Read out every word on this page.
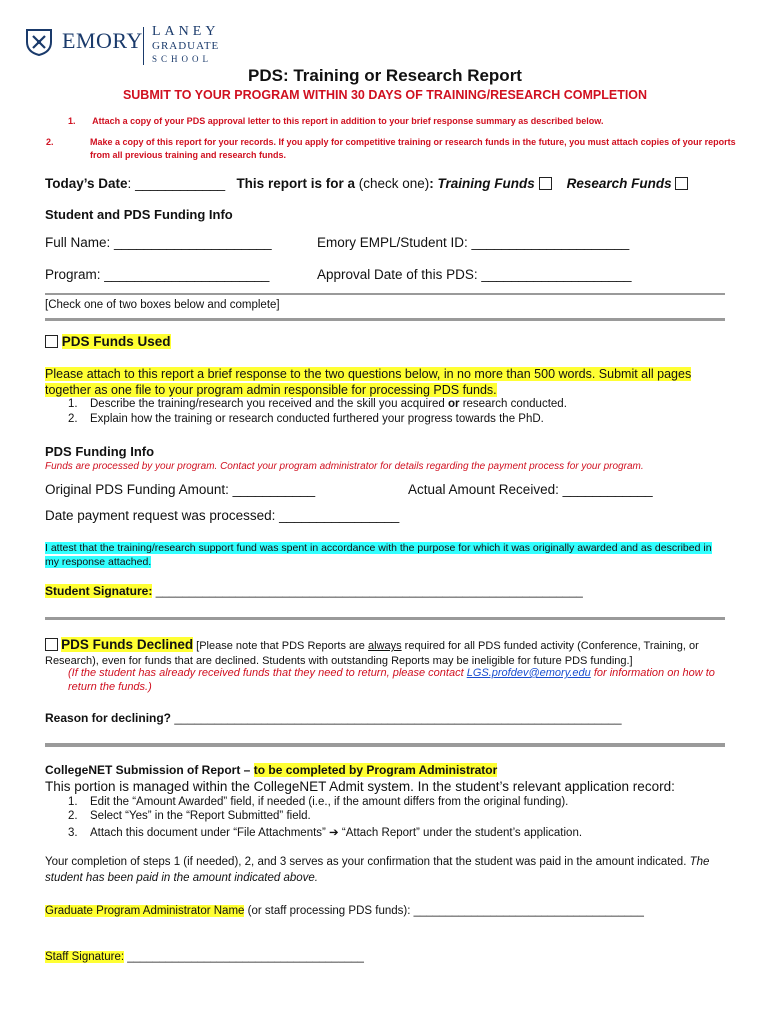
EMORY LANEY
GRADUATE
SCHOOL
PDS: Training or Research Report
SUBMIT TO YOUR PROGRAM WITHIN 30 DAYS OF TRAINING/RESEARCH COMPLETION
1. Attach a copy of your PDS approval letter to this report in addition to your brief response summary as described below.
2.	Make a copy of this report for your records. If you apply for competitive training or research funds in the future, you must attach copies of your reports from all previous training and research funds.
Today’s Date: ____________ This report is for a (check one): Training Funds Research Funds
Student and PDS Funding Info
Full Name: _____________________	Emory EMPL/Student ID: _____________________
Program: ______________________	Approval Date of this PDS: ____________________
[Check one of two boxes below and complete]
PDS Funds Used
Please attach to this report a brief response to the two questions below, in no more than 500 words. Submit all pages together as one file to your program admin responsible for processing PDS funds.
1. Describe the training/research you received and the skill you acquired or research conducted.
2. Explain how the training or research conducted furthered your progress towards the PhD.
PDS Funding Info
Funds are processed by your program. Contact your program administrator for details regarding the payment process for your program.
Original PDS Funding Amount: ___________	Actual Amount Received: ____________
Date payment request was processed: ________________
I attest that the training/research support fund was spent in accordance with the purpose for which it was originally awarded and as described in my response attached.
Student Signature: ________________________________________________________________
PDS Funds Declined [Please note that PDS Reports are always required for all PDS funded activity (Conference, Training, or Research), even for funds that are declined. Students with outstanding Reports may be ineligible for future PDS funding.]
(If the student has already received funds that they need to return, please contact LGS.profdev@emory.edu for information on how to return the funds.)
Reason for declining? ___________________________________________________________________
CollegeNET Submission of Report – to be completed by Program Administrator
This portion is managed within the CollegeNET Admit system. In the student’s relevant application record:
1. Edit the “Amount Awarded” field, if needed (i.e., if the amount differs from the original funding).
2. Select “Yes” in the “Report Submitted” field.
3. Attach this document under “File Attachments” ➔ “Attach Report” under the student’s application.
Your completion of steps 1 (if needed), 2, and 3 serves as your confirmation that the student was paid in the amount indicated. The student has been paid in the amount indicated above.
Graduate Program Administrator Name (or staff processing PDS funds): ____________________________________
Staff Signature: _____________________________________
